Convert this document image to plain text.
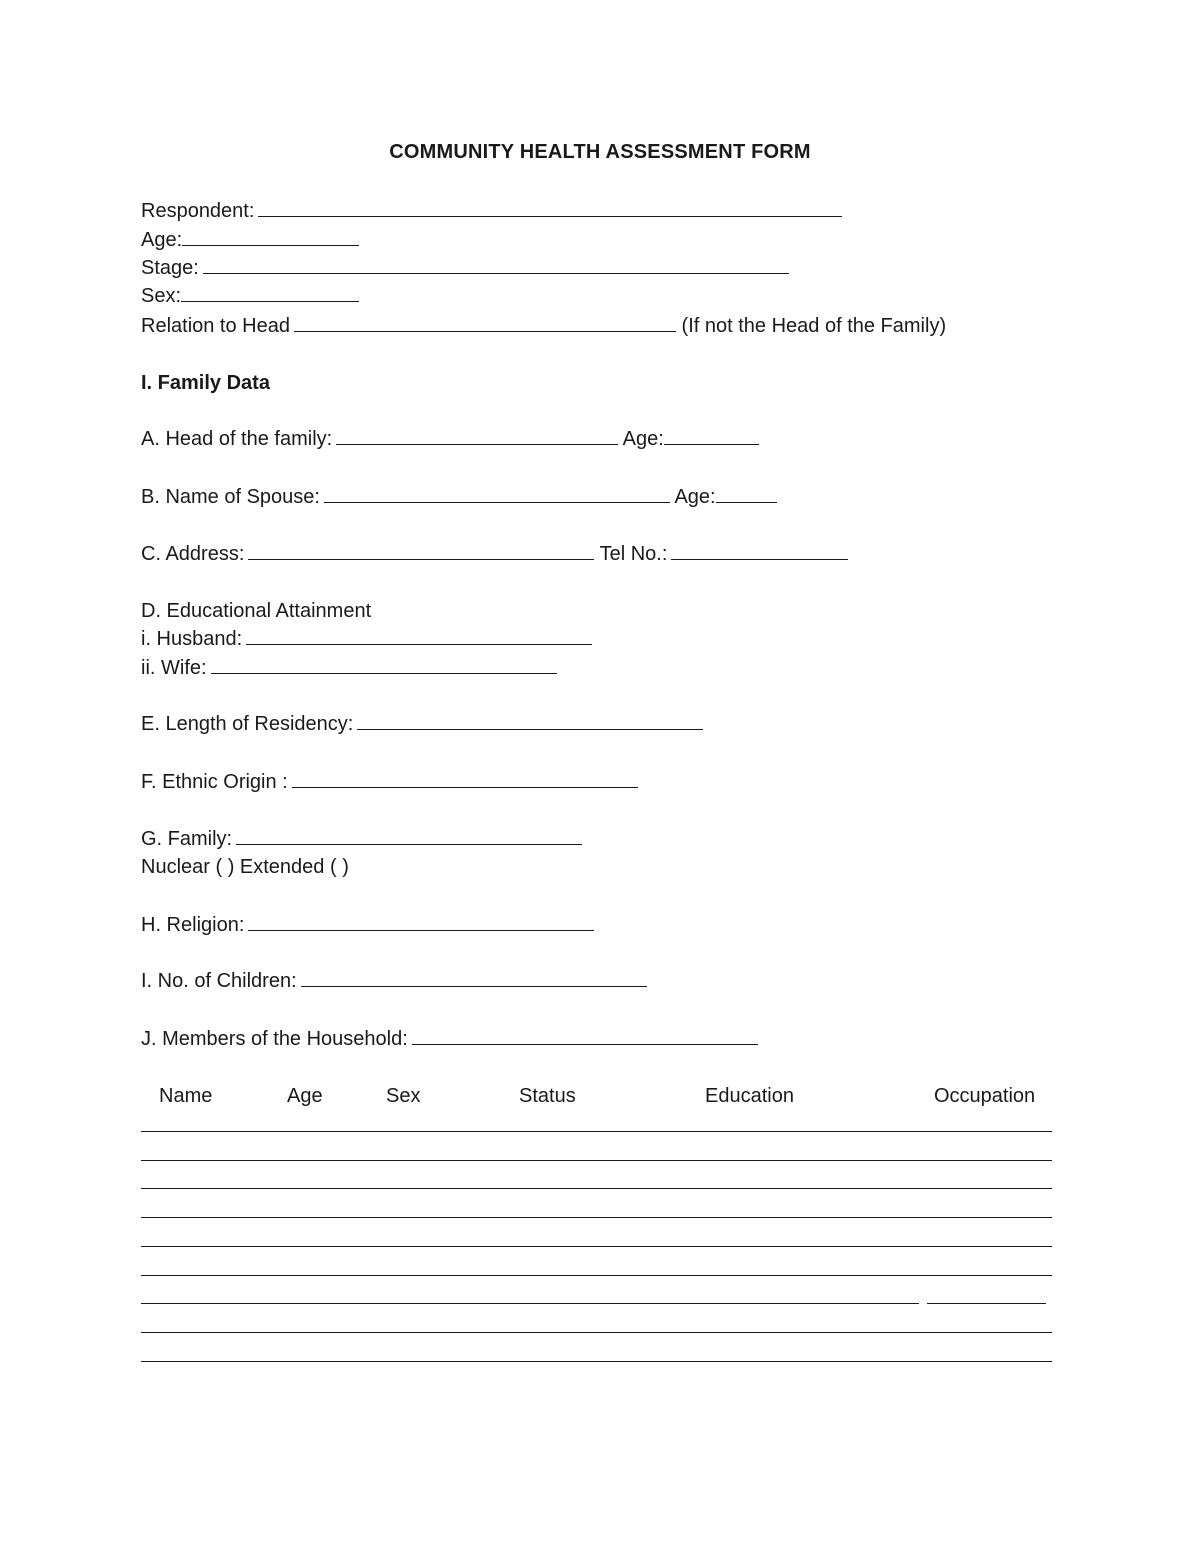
COMMUNITY HEALTH ASSESSMENT FORM
Respondent:
Age:
Stage:
Sex:
Relation to Head	(If not the Head of the Family)
I. Family Data
A. Head of the family:	Age:
B. Name of Spouse:	Age:
C. Address:	Tel No.:
D. Educational Attainment
i. Husband:
ii. Wife:
E. Length of Residency:
F. Ethnic Origin :
G. Family:
Nuclear ( ) Extended ( )
H. Religion:
I. No. of Children:
J. Members of the Household:
Name	Age	Sex	Status	Education	Occupation
